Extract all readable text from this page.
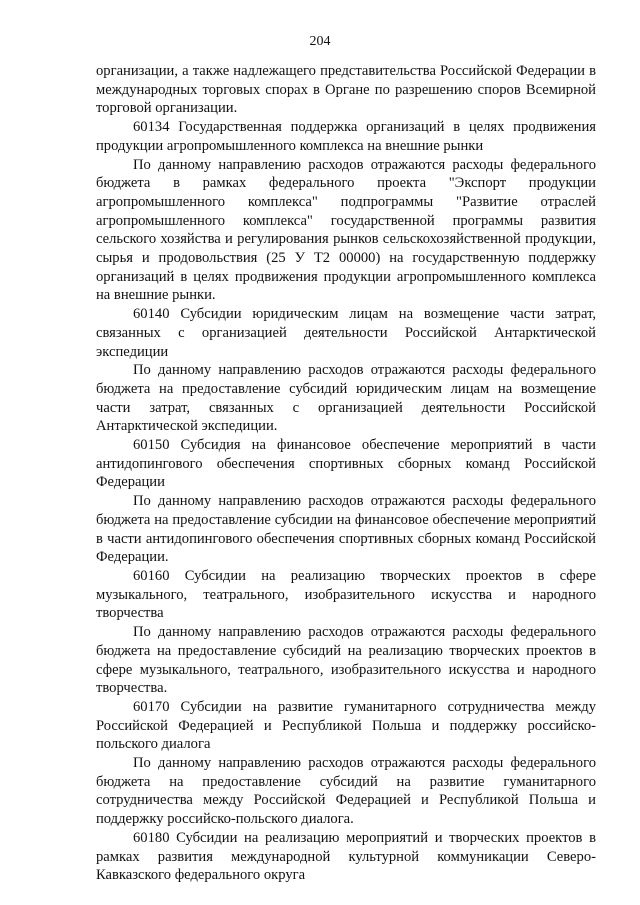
204

организации, а также надлежащего представительства Российской Федерации в международных торговых спорах в Органе по разрешению споров Всемирной торговой организации.

60134 Государственная поддержка организаций в целях продвижения продукции агропромышленного комплекса на внешние рынки

По данному направлению расходов отражаются расходы федерального бюджета в рамках федерального проекта "Экспорт продукции агропромышленного комплекса" подпрограммы "Развитие отраслей агропромышленного комплекса" государственной программы развития сельского хозяйства и регулирования рынков сельскохозяйственной продукции, сырья и продовольствия (25 У Т2 00000) на государственную поддержку организаций в целях продвижения продукции агропромышленного комплекса на внешние рынки.

60140 Субсидии юридическим лицам на возмещение части затрат, связанных с организацией деятельности Российской Антарктической экспедиции

По данному направлению расходов отражаются расходы федерального бюджета на предоставление субсидий юридическим лицам на возмещение части затрат, связанных с организацией деятельности Российской Антарктической экспедиции.

60150 Субсидия на финансовое обеспечение мероприятий в части антидопингового обеспечения спортивных сборных команд Российской Федерации

По данному направлению расходов отражаются расходы федерального бюджета на предоставление субсидии на финансовое обеспечение мероприятий в части антидопингового обеспечения спортивных сборных команд Российской Федерации.

60160 Субсидии на реализацию творческих проектов в сфере музыкального, театрального, изобразительного искусства и народного творчества

По данному направлению расходов отражаются расходы федерального бюджета на предоставление субсидий на реализацию творческих проектов в сфере музыкального, театрального, изобразительного искусства и народного творчества.

60170 Субсидии на развитие гуманитарного сотрудничества между Российской Федерацией и Республикой Польша и поддержку российско-польского диалога

По данному направлению расходов отражаются расходы федерального бюджета на предоставление субсидий на развитие гуманитарного сотрудничества между Российской Федерацией и Республикой Польша и поддержку российско-польского диалога.

60180 Субсидии на реализацию мероприятий и творческих проектов в рамках развития международной культурной коммуникации Северо-Кавказского федерального округа
